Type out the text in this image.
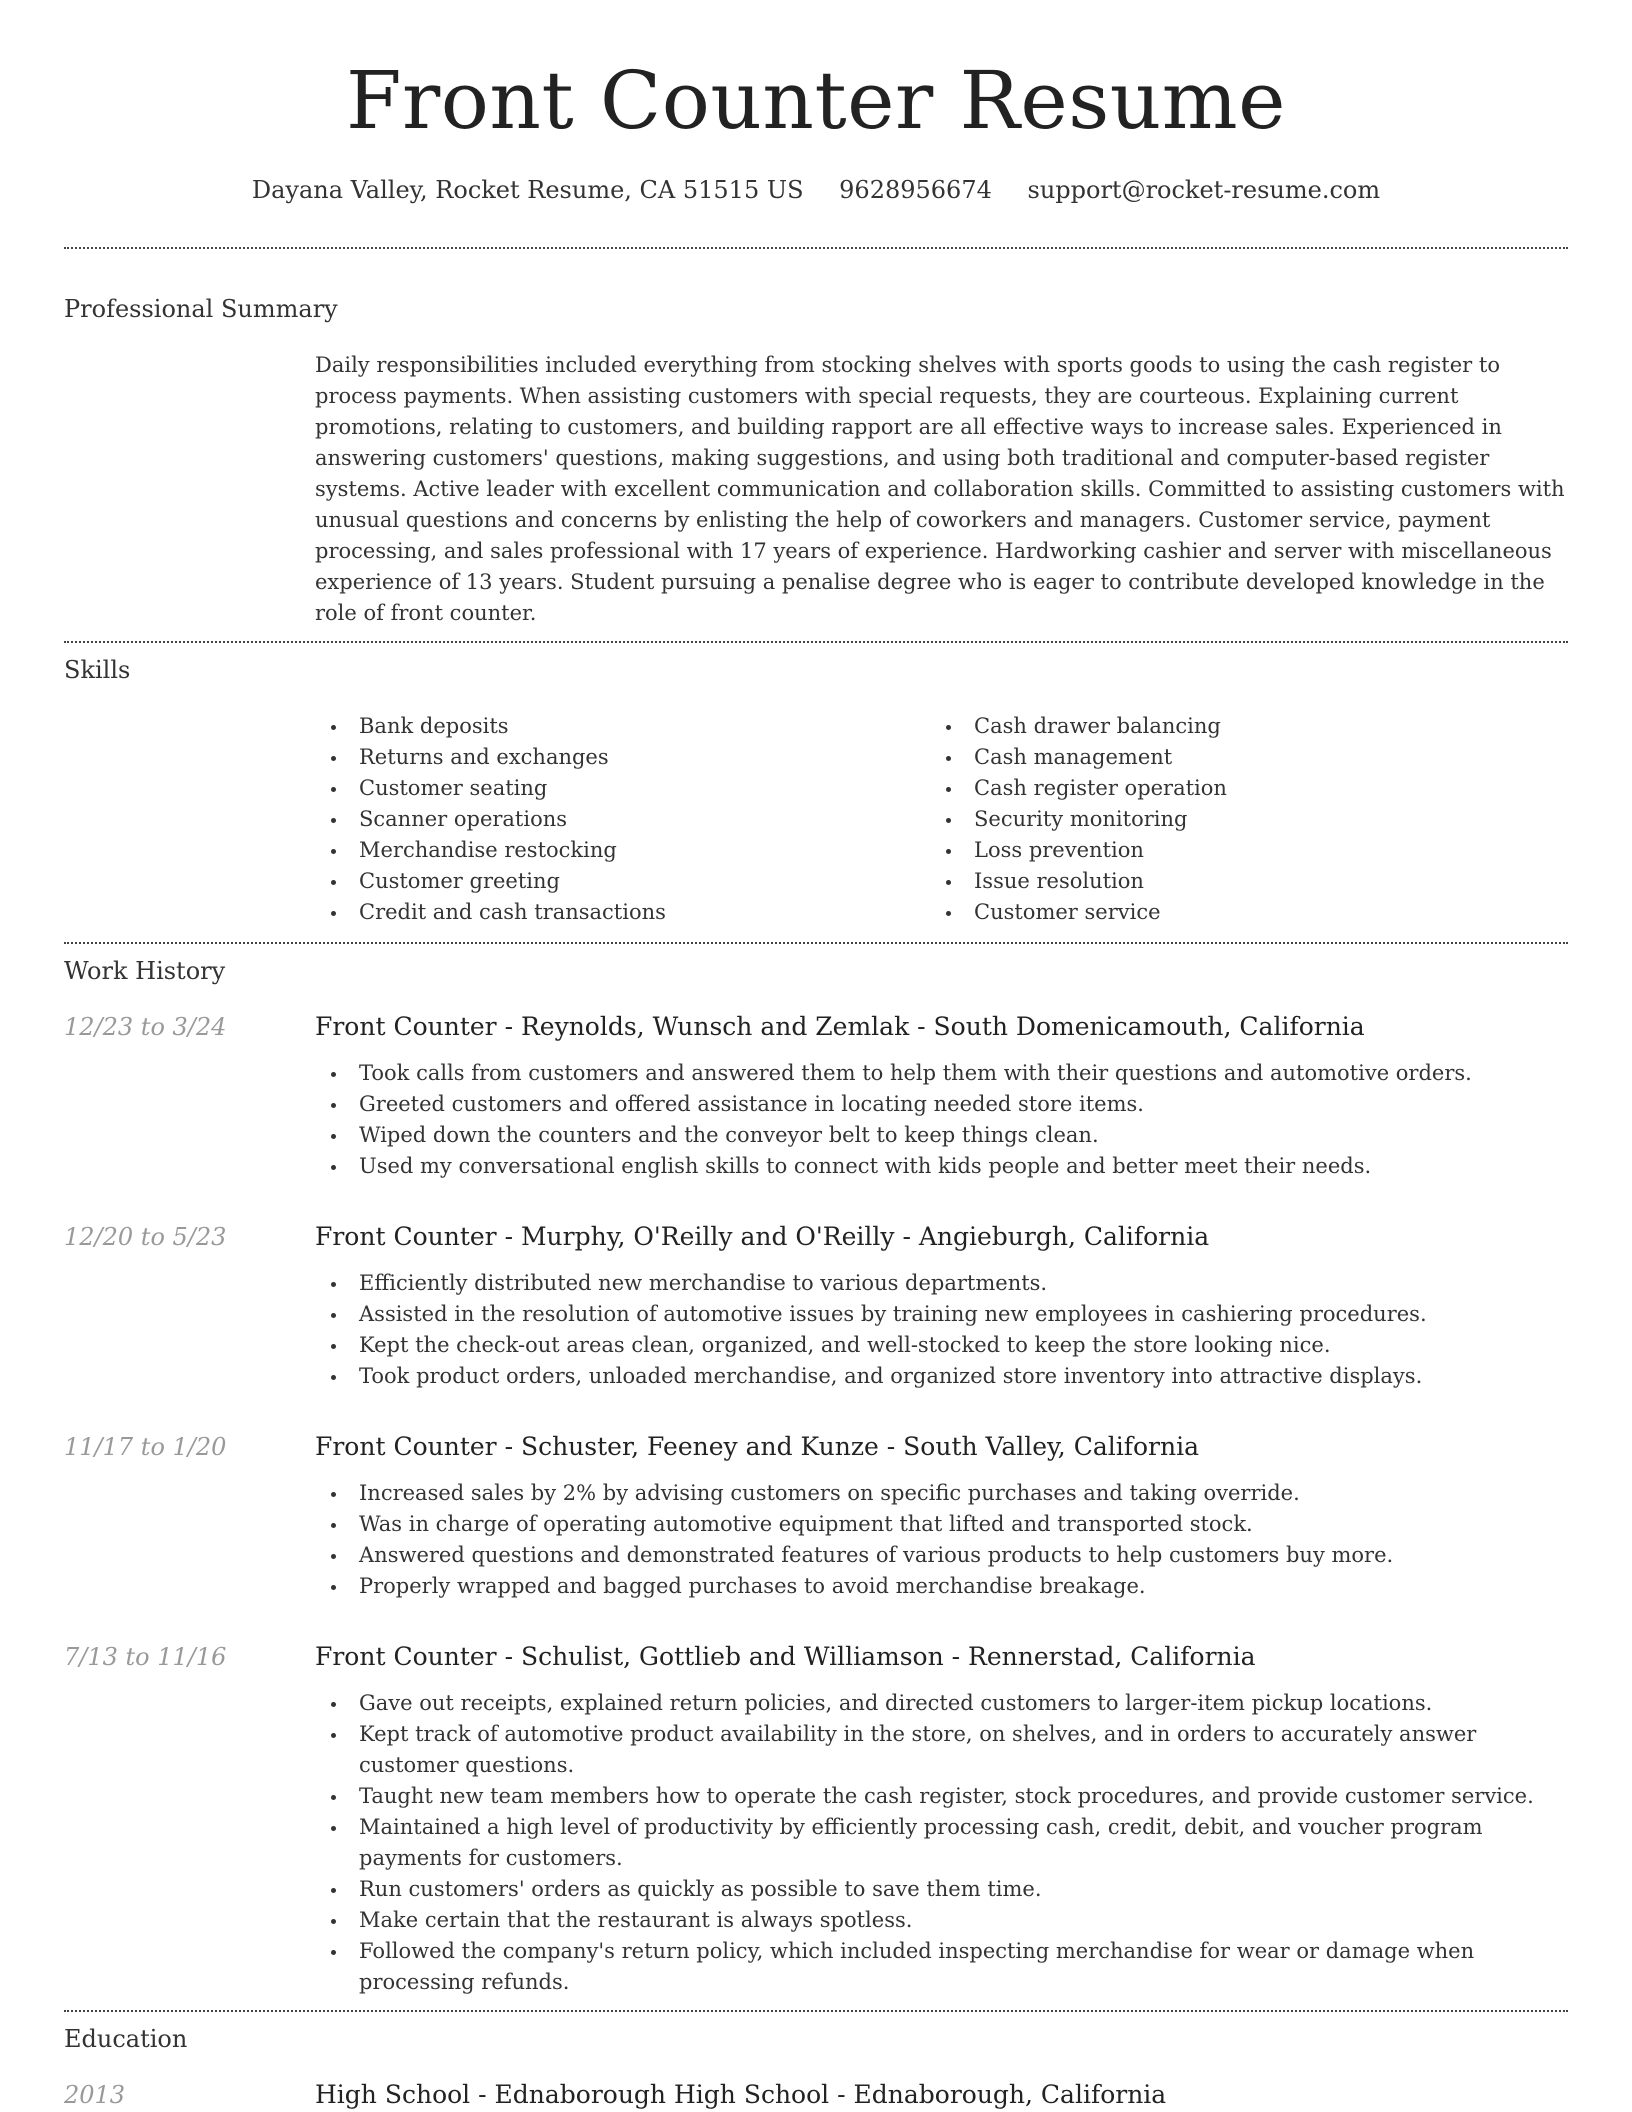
Front Counter Resume
Dayana Valley, Rocket Resume, CA 51515 US 9628956674 support@rocket-resume.com
Professional Summary

Daily responsibilities included everything from stocking shelves with sports goods to using the cash register to process payments. When assisting customers with special requests, they are courteous. Explaining current promotions, relating to customers, and building rapport are all effective ways to increase sales. Experienced in answering customers' questions, making suggestions, and using both traditional and computer-based register systems. Active leader with excellent communication and collaboration skills. Committed to assisting customers with unusual questions and concerns by enlisting the help of coworkers and managers. Customer service, payment processing, and sales professional with 17 years of experience. Hardworking cashier and server with miscellaneous experience of 13 years. Student pursuing a penalise degree who is eager to contribute developed knowledge in the role of front counter.

Skills
Bank deposits
Returns and exchanges
Customer seating
Scanner operations
Merchandise restocking
Customer greeting
Credit and cash transactions
Cash drawer balancing
Cash management
Cash register operation
Security monitoring
Loss prevention
Issue resolution
Customer service
Work History
12/23 to 3/24	Front Counter - Reynolds, Wunsch and Zemlak - South Domenicamouth, California
Took calls from customers and answered them to help them with their questions and automotive orders.
Greeted customers and offered assistance in locating needed store items.
Wiped down the counters and the conveyor belt to keep things clean.
Used my conversational english skills to connect with kids people and better meet their needs.
12/20 to 5/23	Front Counter - Murphy, O'Reilly and O'Reilly - Angieburgh, California
Efficiently distributed new merchandise to various departments.
Assisted in the resolution of automotive issues by training new employees in cashiering procedures.
Kept the check-out areas clean, organized, and well-stocked to keep the store looking nice.
Took product orders, unloaded merchandise, and organized store inventory into attractive displays.
11/17 to 1/20	Front Counter - Schuster, Feeney and Kunze - South Valley, California
Increased sales by 2% by advising customers on specific purchases and taking override.
Was in charge of operating automotive equipment that lifted and transported stock.
Answered questions and demonstrated features of various products to help customers buy more.
Properly wrapped and bagged purchases to avoid merchandise breakage.
7/13 to 11/16	Front Counter - Schulist, Gottlieb and Williamson - Rennerstad, California
Gave out receipts, explained return policies, and directed customers to larger-item pickup locations.
Kept track of automotive product availability in the store, on shelves, and in orders to accurately answer customer questions.
Taught new team members how to operate the cash register, stock procedures, and provide customer service.
Maintained a high level of productivity by efficiently processing cash, credit, debit, and voucher program payments for customers.
Run customers' orders as quickly as possible to save them time.
Make certain that the restaurant is always spotless.
Followed the company's return policy, which included inspecting merchandise for wear or damage when processing refunds.
Education
2013	High School - Ednaborough High School - Ednaborough, California
